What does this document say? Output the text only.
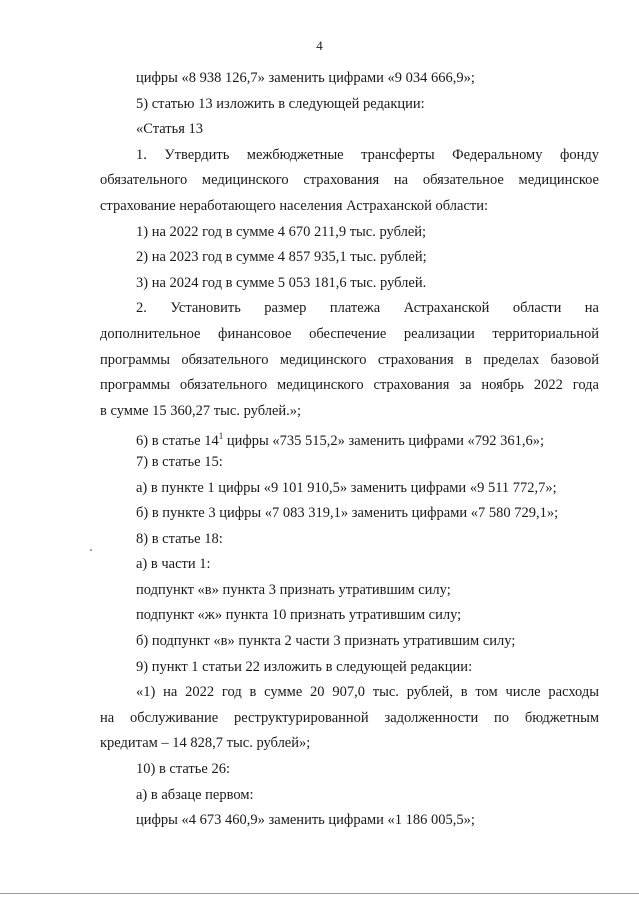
4
цифры «8 938 126,7» заменить цифрами «9 034 666,9»;
5) статью 13 изложить в следующей редакции:
«Статья 13
1. Утвердить межбюджетные трансферты Федеральному фонду
обязательного медицинского страхования на обязательное медицинское
страхование неработающего населения Астраханской области:
1) на 2022 год в сумме 4 670 211,9 тыс. рублей;
2) на 2023 год в сумме 4 857 935,1 тыс. рублей;
3) на 2024 год в сумме 5 053 181,6 тыс. рублей.
2. Установить размер платежа Астраханской области на
дополнительное финансовое обеспечение реализации территориальной
программы обязательного медицинского страхования в пределах базовой
программы обязательного медицинского страхования за ноябрь 2022 года
в сумме 15 360,27 тыс. рублей.»;
6) в статье $14^1$ цифры «735 515,2» заменить цифрами «792 361,6»;
7) в статье 15:
а) в пункте 1 цифры «9 101 910,5» заменить цифрами «9 511 772,7»;
б) в пункте 3 цифры «7 083 319,1» заменить цифрами «7 580 729,1»;
8) в статье 18:
а) в части 1:
подпункт «в» пункта 3 признать утратившим силу;
подпункт «ж» пункта 10 признать утратившим силу;
б) подпункт «в» пункта 2 части 3 признать утратившим силу;
9) пункт 1 статьи 22 изложить в следующей редакции:
«1) на 2022 год в сумме 20 907,0 тыс. рублей, в том числе расходы
на обслуживание реструктурированной задолженности по бюджетным
кредитам – 14 828,7 тыс. рублей»;
10) в статье 26:
а) в абзаце первом:
цифры «4 673 460,9» заменить цифрами «1 186 005,5»;
